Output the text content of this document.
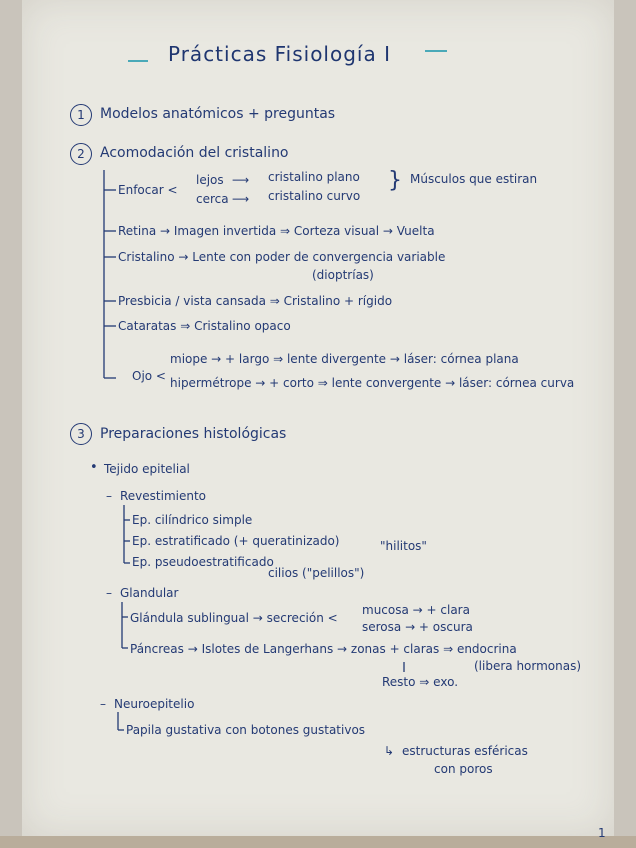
Prácticas Fisiología I
1	Modelos anatómicos + preguntas
2	Acomodación del cristalino
Enfocar <
lejos
cerca
⟶
⟶
cristalino plano
cristalino curvo
} Músculos que estiran
Retina → Imagen invertida ⇒ Corteza visual → Vuelta
Cristalino → Lente con poder de convergencia variable
(dioptrías)
Presbicia / vista cansada ⇒ Cristalino + rígido
Cataratas ⇒ Cristalino opaco
Ojo <
miope → + largo ⇒ lente divergente → láser: córnea plana
hipermétrope → + corto ⇒ lente convergente → láser: córnea curva
3	Preparaciones histológicas
• Tejido epitelial
– Revestimiento
Ep. cilíndrico simple
Ep. estratificado (+ queratinizado)	"hilitos"
Ep. pseudoestratificado
cilios ("pelillos")
– Glandular
Glándula sublingual → secreción <
mucosa → + clara
serosa → + oscura
Páncreas → Islotes de Langerhans → zonas + claras ⇒ endocrina
(libera hormonas)
Resto ⇒ exo.
– Neuroepitelio
Papila gustativa con botones gustativos
↳ estructuras esféricas
con poros
1
